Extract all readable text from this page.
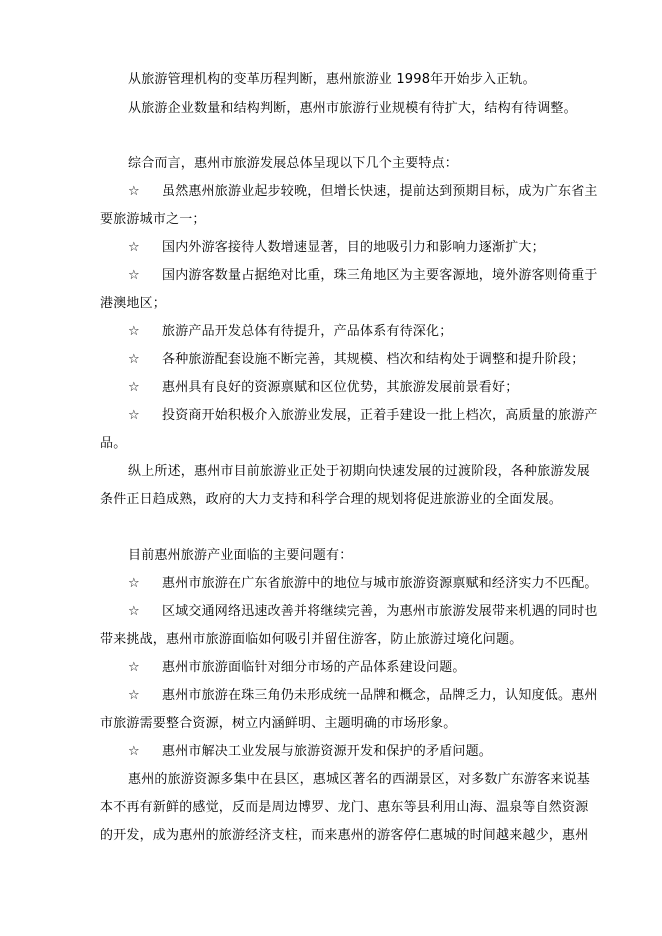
从旅游管理机构的变革历程判断，惠州旅游业 1998年开始步入正轨。
从旅游企业数量和结构判断，惠州市旅游行业规模有待扩大，结构有待调整。
综合而言，惠州市旅游发展总体呈现以下几个主要特点：
☆ 虽然惠州旅游业起步较晚，但增长快速，提前达到预期目标，成为广东省主
要旅游城市之一；
☆ 国内外游客接待人数增速显著，目的地吸引力和影响力逐渐扩大；
☆ 国内游客数量占据绝对比重，珠三角地区为主要客源地，境外游客则倚重于
港澳地区；
☆ 旅游产品开发总体有待提升，产品体系有待深化；
☆ 各种旅游配套设施不断完善，其规模、档次和结构处于调整和提升阶段；
☆ 惠州具有良好的资源禀赋和区位优势，其旅游发展前景看好；
☆ 投资商开始积极介入旅游业发展，正着手建设一批上档次，高质量的旅游产
品。
纵上所述，惠州市目前旅游业正处于初期向快速发展的过渡阶段，各种旅游发展
条件正日趋成熟，政府的大力支持和科学合理的规划将促进旅游业的全面发展。
目前惠州旅游产业面临的主要问题有：
☆ 惠州市旅游在广东省旅游中的地位与城市旅游资源禀赋和经济实力不匹配。
☆ 区域交通网络迅速改善并将继续完善，为惠州市旅游发展带来机遇的同时也
带来挑战，惠州市旅游面临如何吸引并留住游客，防止旅游过境化问题。
☆ 惠州市旅游面临针对细分市场的产品体系建设问题。
☆ 惠州市旅游在珠三角仍未形成统一品牌和概念，品牌乏力，认知度低。惠州
市旅游需要整合资源，树立内涵鲜明、主题明确的市场形象。
☆ 惠州市解决工业发展与旅游资源开发和保护的矛盾问题。
惠州的旅游资源多集中在县区，惠城区著名的西湖景区，对多数广东游客来说基
本不再有新鲜的感觉，反而是周边博罗、龙门、惠东等县利用山海、温泉等自然资源
的开发，成为惠州的旅游经济支柱，而来惠州的游客停仁惠城的时间越来越少，惠州
